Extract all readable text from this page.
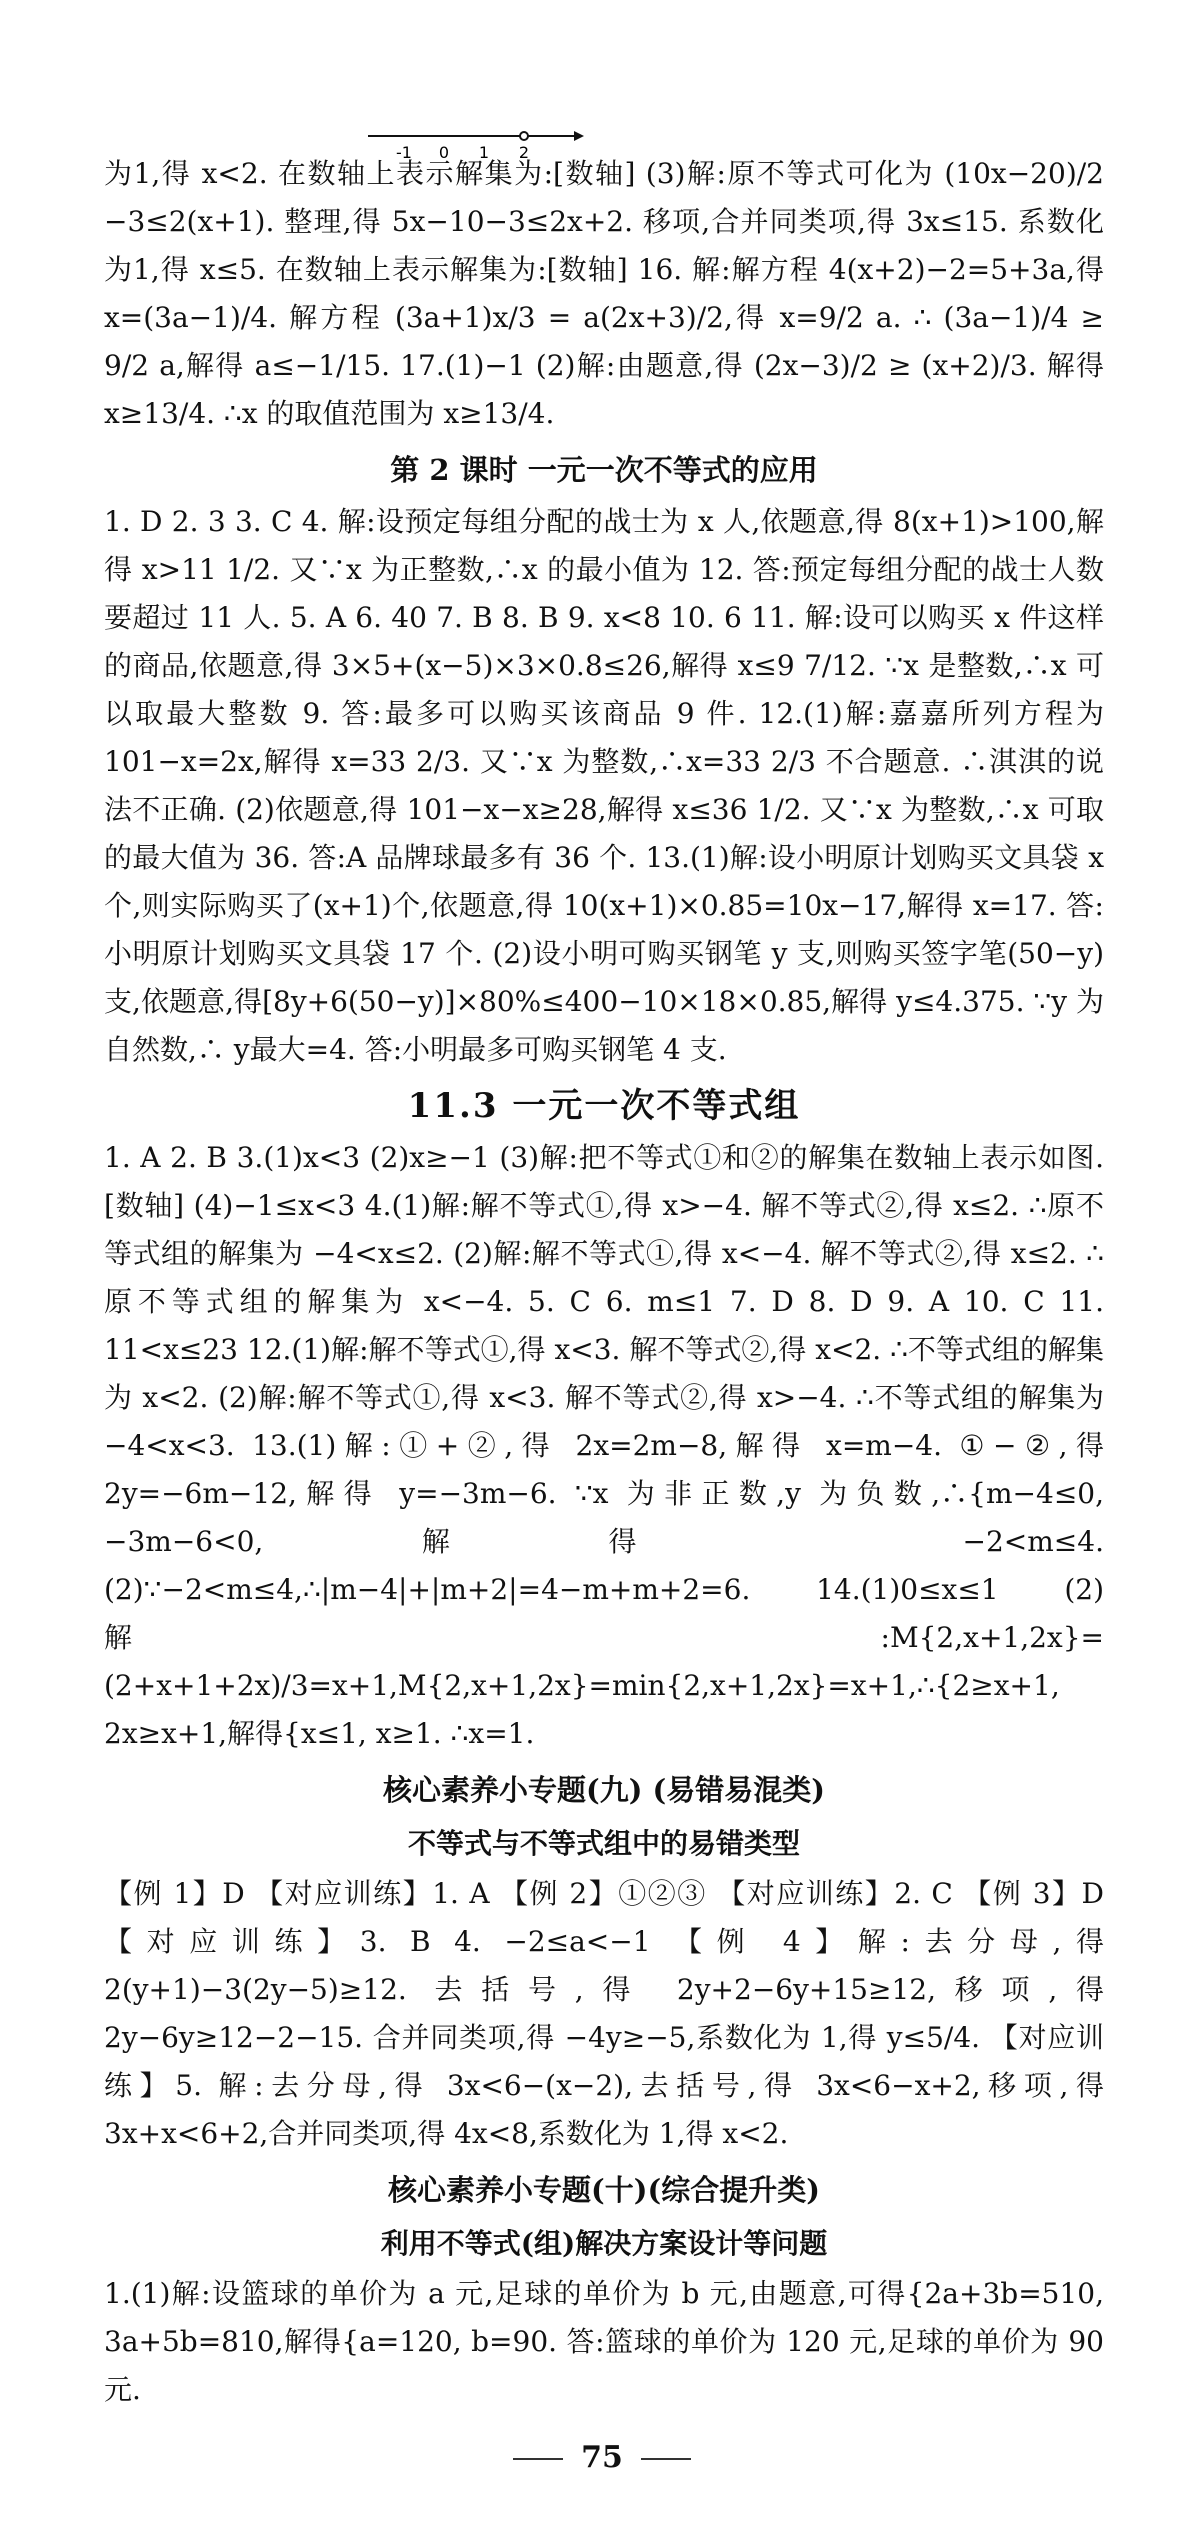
为1,得 x<2. 在数轴上表示解集为:[数轴] (3)解:原不等式可化为 (10x−20)/2 −3≤2(x+1). 整理,得 5x−10−3≤2x+2. 移项,合并同类项,得 3x≤15. 系数化为1,得 x≤5. 在数轴上表示解集为:[数轴] 16. 解:解方程 4(x+2)−2=5+3a,得 x=(3a−1)/4. 解方程 (3a+1)x/3 = a(2x+3)/2,得 x=9/2 a. ∴ (3a−1)/4 ≥ 9/2 a,解得 a≤−1/15. 17.(1)−1 (2)解:由题意,得 (2x−3)/2 ≥ (x+2)/3. 解得 x≥13/4. ∴x 的取值范围为 x≥13/4.

-1 0 1 2
第 2 课时 一元一次不等式的应用

1. D 2. 3 3. C 4. 解:设预定每组分配的战士为 x 人,依题意,得 8(x+1)>100,解得 x>11 1/2. 又∵x 为正整数,∴x 的最小值为 12. 答:预定每组分配的战士人数要超过 11 人. 5. A 6. 40 7. B 8. B 9. x<8 10. 6 11. 解:设可以购买 x 件这样的商品,依题意,得 3×5+(x−5)×3×0.8≤26,解得 x≤9 7/12. ∵x 是整数,∴x 可以取最大整数 9. 答:最多可以购买该商品 9 件. 12.(1)解:嘉嘉所列方程为 101−x=2x,解得 x=33 2/3. 又∵x 为整数,∴x=33 2/3 不合题意. ∴淇淇的说法不正确. (2)依题意,得 101−x−x≥28,解得 x≤36 1/2. 又∵x 为整数,∴x 可取的最大值为 36. 答:A 品牌球最多有 36 个. 13.(1)解:设小明原计划购买文具袋 x 个,则实际购买了(x+1)个,依题意,得 10(x+1)×0.85=10x−17,解得 x=17. 答:小明原计划购买文具袋 17 个. (2)设小明可购买钢笔 y 支,则购买签字笔(50−y)支,依题意,得[8y+6(50−y)]×80%≤400−10×18×0.85,解得 y≤4.375. ∵y 为自然数,∴ y最大=4. 答:小明最多可购买钢笔 4 支.

11.3 一元一次不等式组

1. A 2. B 3.(1)x<3 (2)x≥−1 (3)解:把不等式①和②的解集在数轴上表示如图.[数轴] (4)−1≤x<3 4.(1)解:解不等式①,得 x>−4. 解不等式②,得 x≤2. ∴原不等式组的解集为 −4<x≤2. (2)解:解不等式①,得 x<−4. 解不等式②,得 x≤2. ∴原不等式组的解集为 x<−4. 5. C 6. m≤1 7. D 8. D 9. A 10. C 11. 11<x≤23 12.(1)解:解不等式①,得 x<3. 解不等式②,得 x<2. ∴不等式组的解集为 x<2. (2)解:解不等式①,得 x<3. 解不等式②,得 x>−4. ∴不等式组的解集为 −4<x<3. 13.(1)解:①+②,得 2x=2m−8,解得 x=m−4. ①−②,得 2y=−6m−12,解得 y=−3m−6. ∵x 为非正数,y 为负数,∴{m−4≤0, −3m−6<0,解得 −2<m≤4. (2)∵−2<m≤4,∴|m−4|+|m+2|=4−m+m+2=6. 14.(1)0≤x≤1 (2)解:M{2,x+1,2x}=(2+x+1+2x)/3=x+1,M{2,x+1,2x}=min{2,x+1,2x}=x+1,∴{2≥x+1, 2x≥x+1,解得{x≤1, x≥1. ∴x=1.

核心素养小专题(九) (易错易混类)
不等式与不等式组中的易错类型

【例 1】D 【对应训练】1. A 【例 2】①②③ 【对应训练】2. C 【例 3】D 【对应训练】3. B 4. −2≤a<−1 【例 4】解:去分母,得 2(y+1)−3(2y−5)≥12. 去括号,得 2y+2−6y+15≥12,移项,得 2y−6y≥12−2−15. 合并同类项,得 −4y≥−5,系数化为 1,得 y≤5/4. 【对应训练】5. 解:去分母,得 3x<6−(x−2),去括号,得 3x<6−x+2,移项,得 3x+x<6+2,合并同类项,得 4x<8,系数化为 1,得 x<2.

核心素养小专题(十)(综合提升类)
利用不等式(组)解决方案设计等问题

1.(1)解:设篮球的单价为 a 元,足球的单价为 b 元,由题意,可得{2a+3b=510, 3a+5b=810,解得{a=120, b=90. 答:篮球的单价为 120 元,足球的单价为 90 元.

75
